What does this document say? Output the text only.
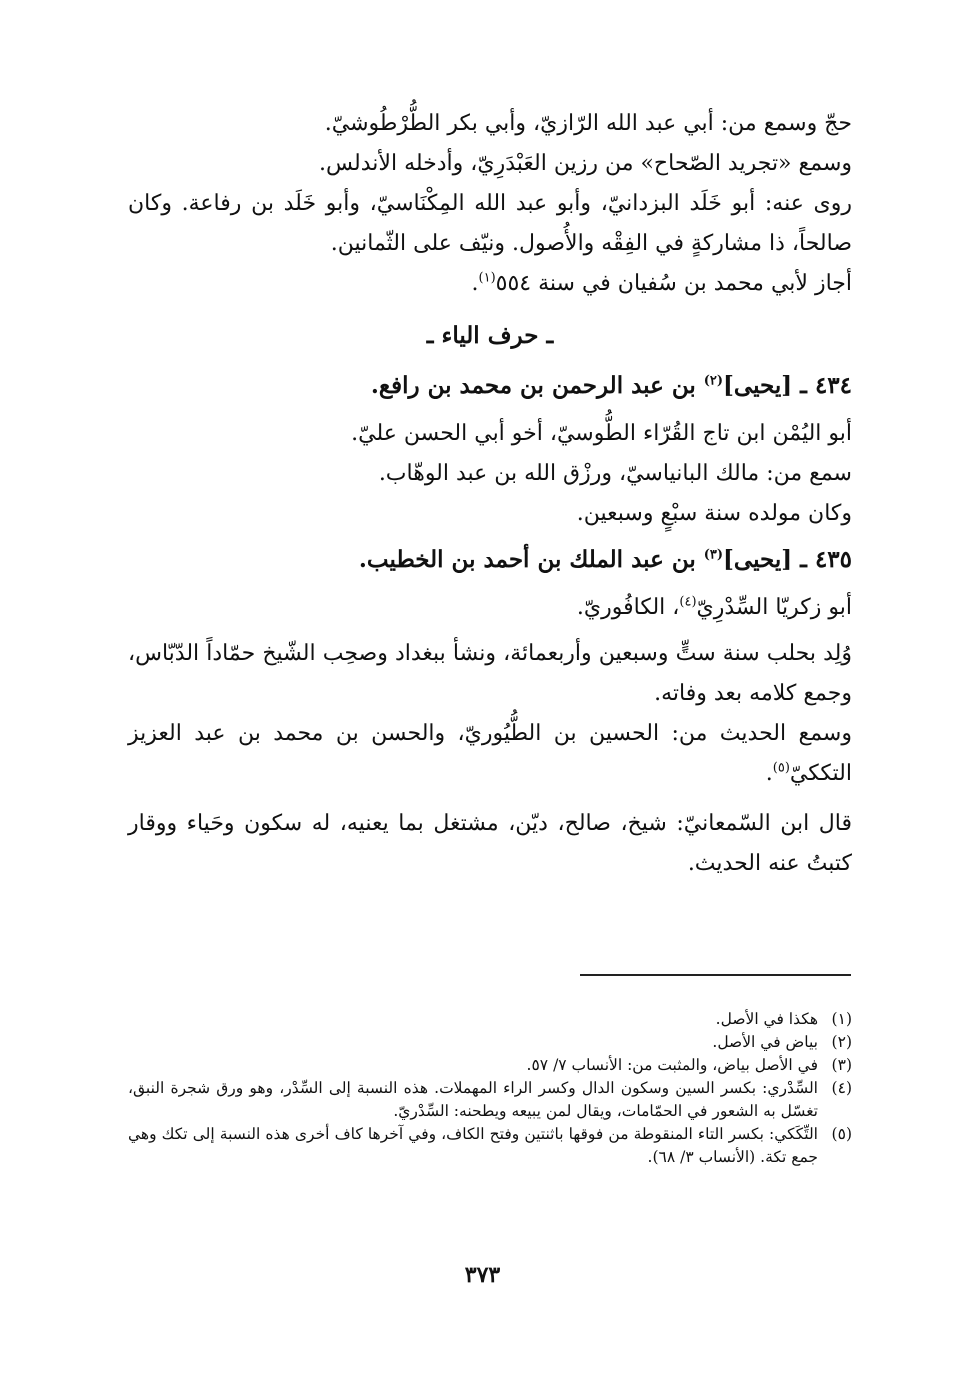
حجّ وسمع من: أبي عبد الله الرّازيّ، وأبي بكر الطُّرْطُوشيّ.
وسمع «تجريد الصّحاح» من رزين العَبْدَرِيّ، وأدخله الأندلس.
روى عنه: أبو خَلَد البزدانيّ، وأبو عبد الله المِكْنَاسيّ، وأبو خَلَد بن رفاعة. وكان صالحاً، ذا مشاركةٍ في الفِقْه والأُصول. ونيّف على الثّمانين.
أجاز لأبي محمد بن سُفيان في سنة ٥٥٤$^{(١)}$.
ـ حرف الياء ـ
٤٣٤ ـ [يحيى]$^{(٢)}$ بن عبد الرحمن بن محمد بن رافع.
أبو اليُمْن ابن تاج القُرّاء الطُّوسيّ، أخو أبي الحسن عليّ.
سمع من: مالك البانياسيّ، ورزْق الله بن عبد الوهّاب.
وكان مولده سنة سبْعٍ وسبعين.
٤٣٥ ـ [يحيى]$^{(٣)}$ بن عبد الملك بن أحمد بن الخطيب.
أبو زكريّا السِّدْرِيّ$^{(٤)}$، الكافُوريّ.
وُلِد بحلب سنة ستٍّ وسبعين وأربعمائة، ونشأ ببغداد وصحِب الشّيخ حمّاداً الدّبّاس، وجمع كلامه بعد وفاته.
وسمع الحديث من: الحسين بن الطُّيُوريّ، والحسن بن محمد بن عبد العزيز التككيّ$^{(٥)}$.
قال ابن السّمعانيّ: شيخ، صالح، ديّن، مشتغل بما يعنيه، له سكون وحَياء ووقار كتبتُ عنه الحديث.
(١)
هكذا في الأصل.
(٢)
بياض في الأصل.
(٣)
في الأصل بياض، والمثبت من: الأنساب ٧/ ٥٧.
(٤)
السِّدْري: بكسر السين وسكون الدال وكسر الراء المهملات. هذه النسبة إلى السِّدْر، وهو ورق شجرة النبق، تغسّل به الشعور في الحمّامات، ويقال لمن يبيعه ويطحنه: السِّدْريّ.
(٥)
التِّكَكي: بكسر التاء المنقوطة من فوقها باثنتين وفتح الكاف، وفي آخرها كاف أخرى هذه النسبة إلى تكك وهي جمع تكة. (الأنساب ٣/ ٦٨).
٣٧٣
